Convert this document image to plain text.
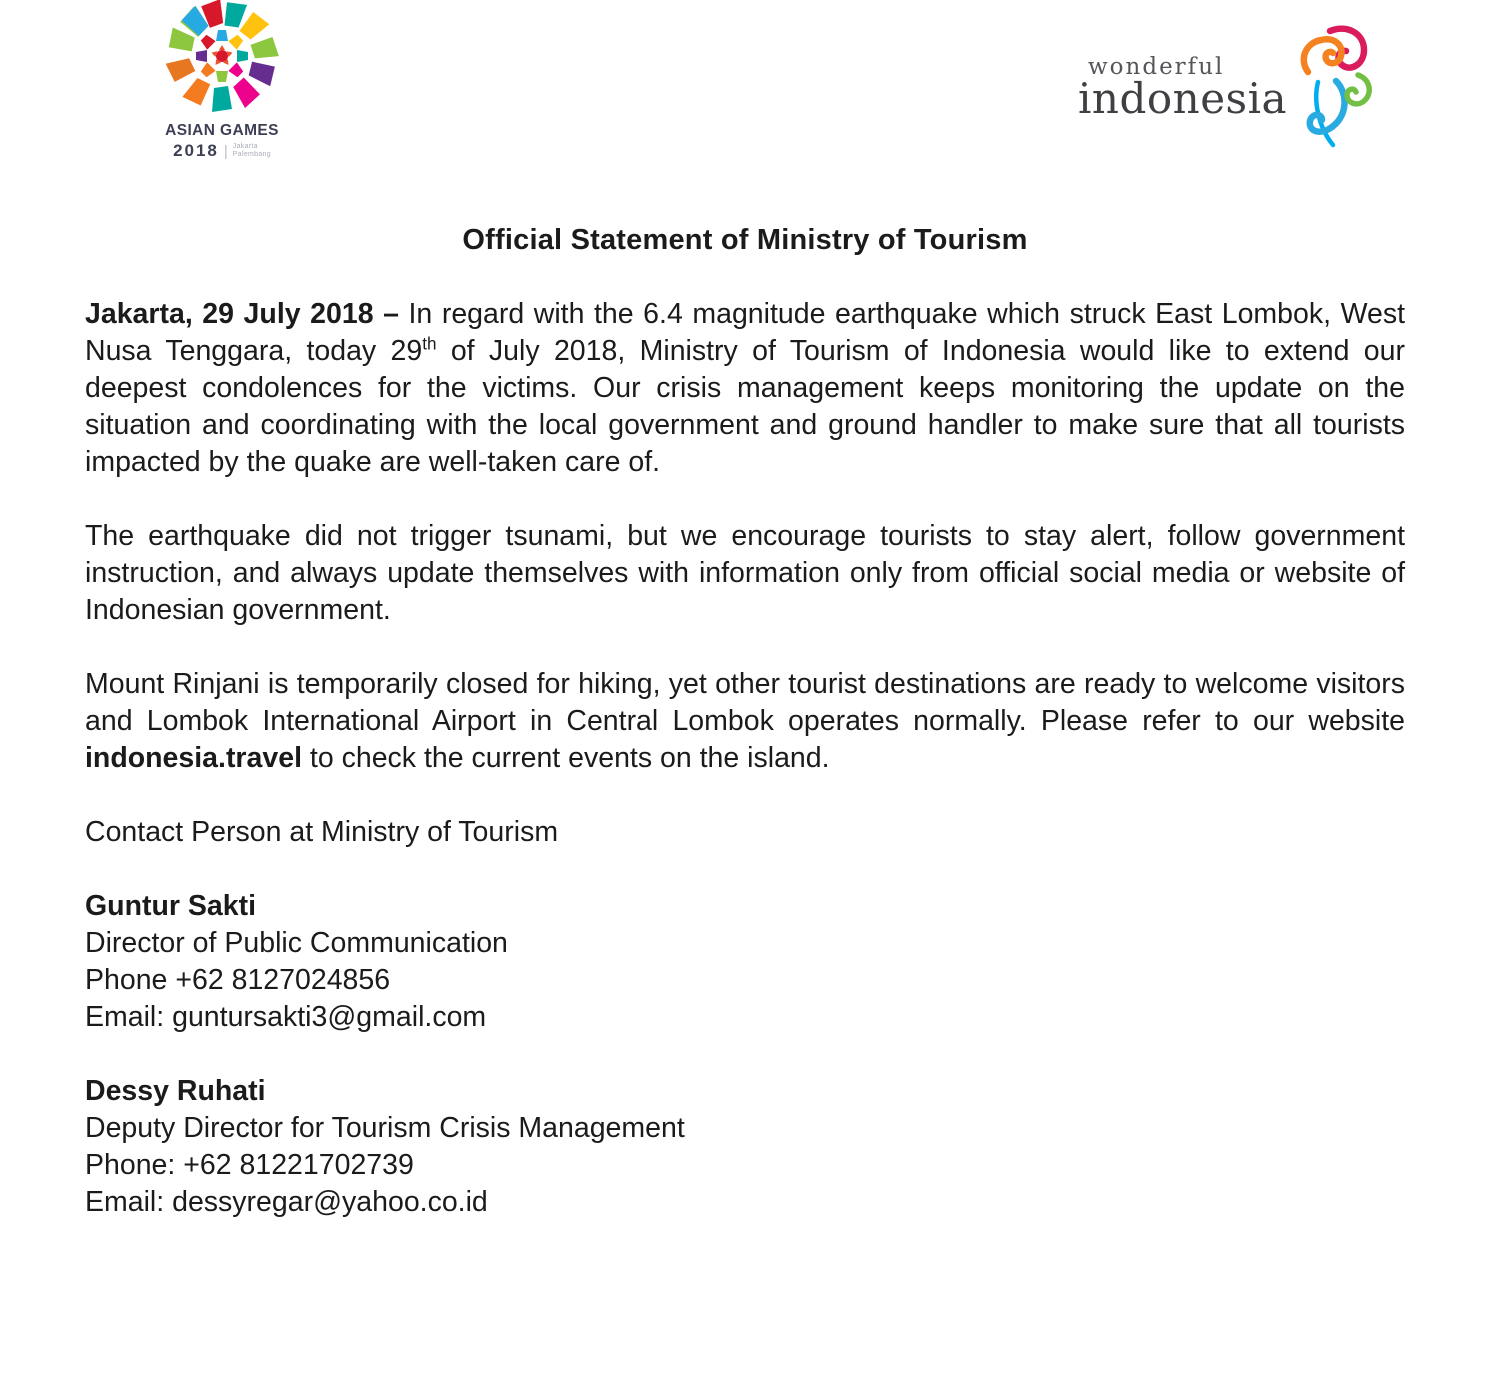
ASIAN GAMES
2018 | Jakarta
Palembang
wonderful
indonesia
Official Statement of Ministry of Tourism

Jakarta, 29 July 2018 – In regard with the 6.4 magnitude earthquake which struck East Lombok, West Nusa Tenggara, today 29th of July 2018, Ministry of Tourism of Indonesia would like to extend our deepest condolences for the victims. Our crisis management keeps monitoring the update on the situation and coordinating with the local government and ground handler to make sure that all tourists impacted by the quake are well-taken care of.

The earthquake did not trigger tsunami, but we encourage tourists to stay alert, follow government instruction, and always update themselves with information only from official social media or website of Indonesian government.

Mount Rinjani is temporarily closed for hiking, yet other tourist destinations are ready to welcome visitors and Lombok International Airport in Central Lombok operates normally. Please refer to our website indonesia.travel to check the current events on the island.

Contact Person at Ministry of Tourism

Guntur Sakti
Director of Public Communication
Phone +62 8127024856
Email: guntursakti3@gmail.com
Dessy Ruhati
Deputy Director for Tourism Crisis Management
Phone: +62 81221702739
Email: dessyregar@yahoo.co.id
